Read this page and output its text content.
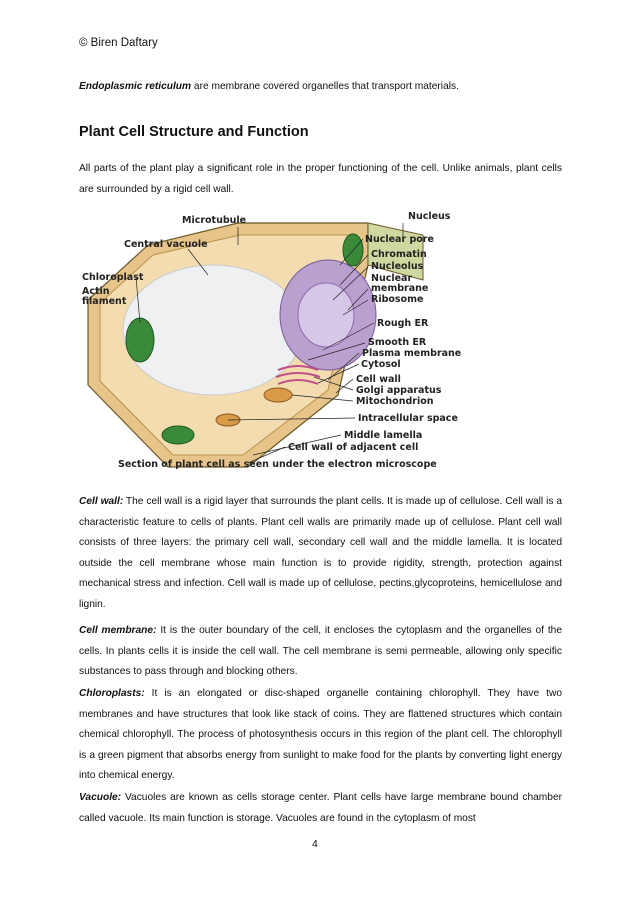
© Biren Daftary
Endoplasmic reticulum are membrane covered organelles that transport materials.
Plant Cell Structure and Function
All parts of the plant play a significant role in the proper functioning of the cell. Unlike animals, plant cells are surrounded by a rigid cell wall.
Microtubule
Central vacuole
Chloroplast
Actin
filament
Nucleus
Nuclear pore
Chromatin
Nucleolus
Nuclear
membrane
Ribosome
Rough ER
Smooth ER
Plasma membrane
Cytosol
Cell wall
Golgi apparatus
Mitochondrion
Intracellular space
Middle lamella
Cell wall of adjacent cell
Section of plant cell as seen under the electron microscope
Cell wall: The cell wall is a rigid layer that surrounds the plant cells. It is made up of cellulose. Cell wall is a characteristic feature to cells of plants. Plant cell walls are primarily made up of cellulose. Plant cell wall consists of three layers: the primary cell wall, secondary cell wall and the middle lamella. It is located outside the cell membrane whose main function is to provide rigidity, strength, protection against mechanical stress and infection. Cell wall is made up of cellulose, pectins,glycoproteins, hemicellulose and lignin.
Cell membrane: It is the outer boundary of the cell, it encloses the cytoplasm and the organelles of the cells. In plants cells it is inside the cell wall. The cell membrane is semi permeable, allowing only specific substances to pass through and blocking others.
Chloroplasts: It is an elongated or disc-shaped organelle containing chlorophyll. They have two membranes and have structures that look like stack of coins. They are flattened structures which contain chemical chlorophyll. The process of photosynthesis occurs in this region of the plant cell. The chlorophyll is a green pigment that absorbs energy from sunlight to make food for the plants by converting light energy into chemical energy.
Vacuole: Vacuoles are known as cells storage center. Plant cells have large membrane bound chamber called vacuole. Its main function is storage. Vacuoles are found in the cytoplasm of most
4
